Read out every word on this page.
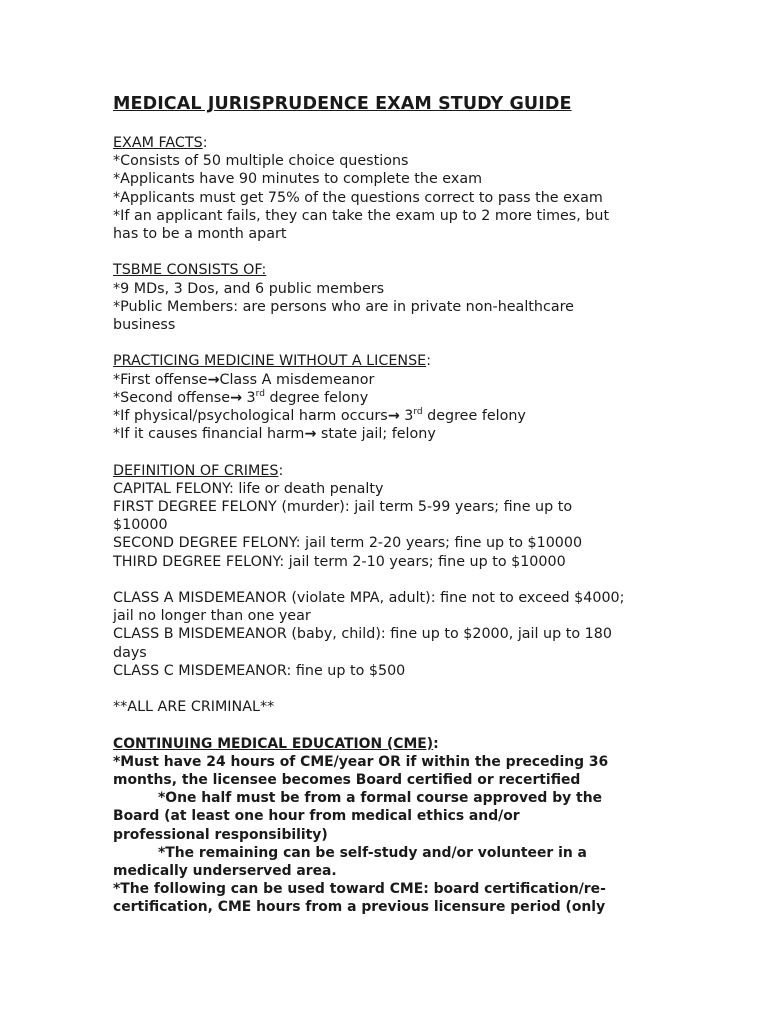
MEDICAL JURISPRUDENCE EXAM STUDY GUIDE
EXAM FACTS:
*Consists of 50 multiple choice questions
*Applicants have 90 minutes to complete the exam
*Applicants must get 75% of the questions correct to pass the exam
*If an applicant fails, they can take the exam up to 2 more times, but
has to be a month apart
TSBME CONSISTS OF:
*9 MDs, 3 Dos, and 6 public members
*Public Members: are persons who are in private non-healthcare
business
PRACTICING MEDICINE WITHOUT A LICENSE:
*First offense→Class A misdemeanor
*Second offense→ 3rd degree felony
*If physical/psychological harm occurs→ 3rd degree felony
*If it causes financial harm→ state jail; felony
DEFINITION OF CRIMES:
CAPITAL FELONY: life or death penalty
FIRST DEGREE FELONY (murder): jail term 5-99 years; fine up to
$10000
SECOND DEGREE FELONY: jail term 2-20 years; fine up to $10000
THIRD DEGREE FELONY: jail term 2-10 years; fine up to $10000
CLASS A MISDEMEANOR (violate MPA, adult): fine not to exceed $4000;
jail no longer than one year
CLASS B MISDEMEANOR (baby, child): fine up to $2000, jail up to 180
days
CLASS C MISDEMEANOR: fine up to $500
**ALL ARE CRIMINAL**
CONTINUING MEDICAL EDUCATION (CME):
*Must have 24 hours of CME/year OR if within the preceding 36
months, the licensee becomes Board certified or recertified
*One half must be from a formal course approved by the
Board (at least one hour from medical ethics and/or
professional responsibility)
*The remaining can be self-study and/or volunteer in a
medically underserved area.
*The following can be used toward CME: board certification/re-
certification, CME hours from a previous licensure period (only
